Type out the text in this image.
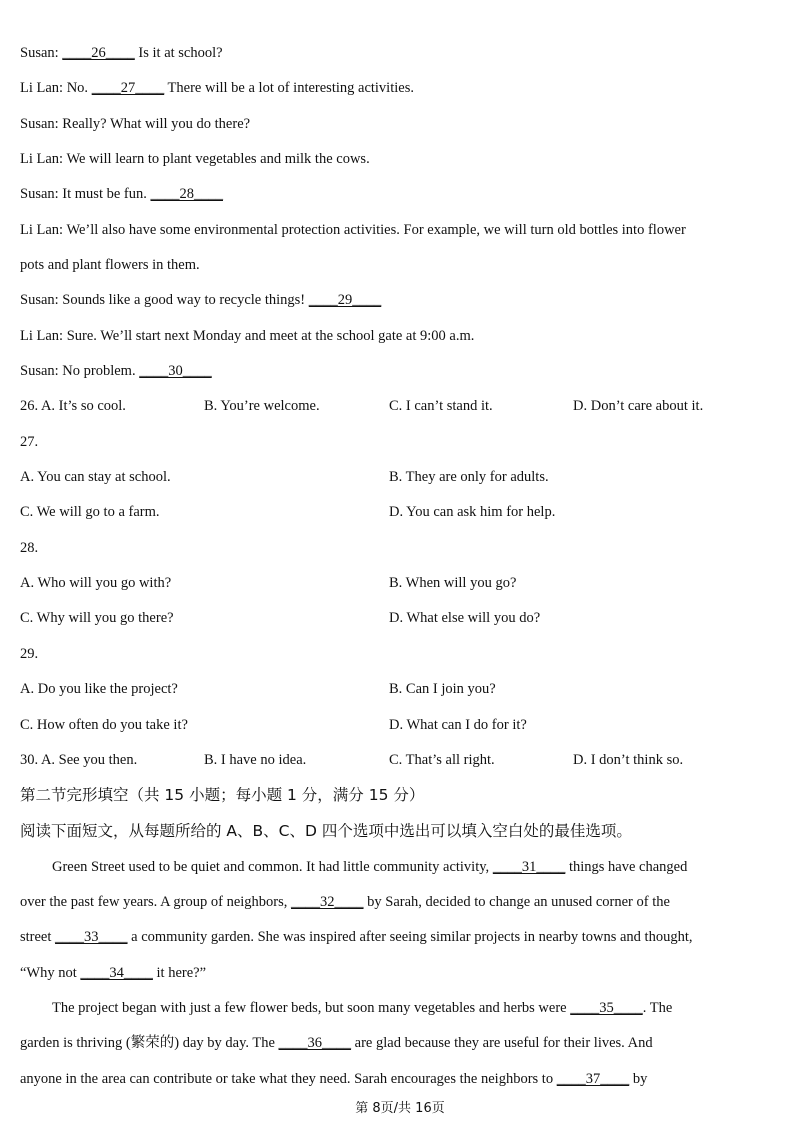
Susan: ____26____ Is it at school?
Li Lan: No. ____27____ There will be a lot of interesting activities.
Susan: Really? What will you do there?
Li Lan: We will learn to plant vegetables and milk the cows.
Susan: It must be fun. ____28____
Li Lan: We’ll also have some environmental protection activities. For example, we will turn old bottles into flower
pots and plant flowers in them.
Susan: Sounds like a good way to recycle things! ____29____
Li Lan: Sure. We’ll start next Monday and meet at the school gate at 9:00 a.m.
Susan: No problem. ____30____
26. A. It’s so cool.	B. You’re welcome.	C. I can’t stand it.	D. Don’t care about it.
27.
A. You can stay at school.	B. They are only for adults.
C. We will go to a farm.	D. You can ask him for help.
28.
A. Who will you go with?	B. When will you go?
C. Why will you go there?	D. What else will you do?
29.
A. Do you like the project?	B. Can I join you?
C. How often do you take it?	D. What can I do for it?
30. A. See you then.	B. I have no idea.	C. That’s all right.	D. I don’t think so.
第二节完形填空（共 15 小题；每小题 1 分，满分 15 分）
阅读下面短文，从每题所给的 A、B、C、D 四个选项中选出可以填入空白处的最佳选项。
Green Street used to be quiet and common. It had little community activity, ____31____ things have changed
over the past few years. A group of neighbors, ____32____ by Sarah, decided to change an unused corner of the
street ____33____ a community garden. She was inspired after seeing similar projects in nearby towns and thought,
“Why not ____34____ it here?”
The project began with just a few flower beds, but soon many vegetables and herbs were ____35____. The
garden is thriving (繁荣的) day by day. The ____36____ are glad because they are useful for their lives. And
anyone in the area can contribute or take what they need. Sarah encourages the neighbors to ____37____ by
第 8页/共 16页
